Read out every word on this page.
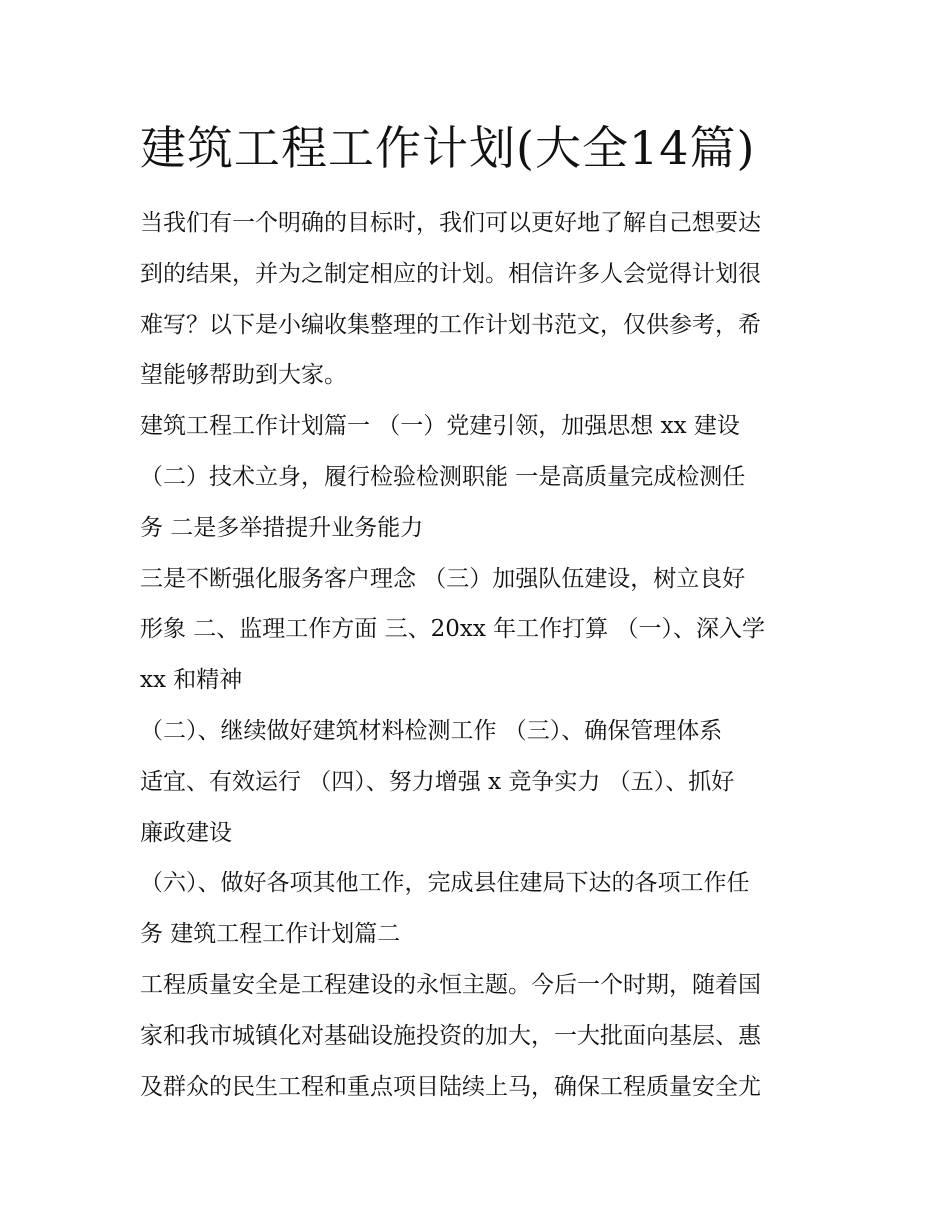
建筑工程工作计划(大全14篇)
当我们有一个明确的目标时，我们可以更好地了解自己想要达
到的结果，并为之制定相应的计划。相信许多人会觉得计划很
难写？以下是小编收集整理的工作计划书范文，仅供参考，希
望能够帮助到大家。
建筑工程工作计划篇一 （一）党建引领，加强思想 xx 建设
（二）技术立身，履行检验检测职能 一是高质量完成检测任
务 二是多举措提升业务能力
三是不断强化服务客户理念 （三）加强队伍建设，树立良好
形象 二、监理工作方面 三、20xx 年工作打算 （一）、深入学
xx 和精神
（二）、继续做好建筑材料检测工作 （三）、确保管理体系
适宜、有效运行 （四）、努力增强 x 竞争实力 （五）、抓好
廉政建设
（六）、做好各项其他工作，完成县住建局下达的各项工作任
务 建筑工程工作计划篇二
工程质量安全是工程建设的永恒主题。今后一个时期，随着国
家和我市城镇化对基础设施投资的加大，一大批面向基层、惠
及群众的民生工程和重点项目陆续上马，确保工程质量安全尤
